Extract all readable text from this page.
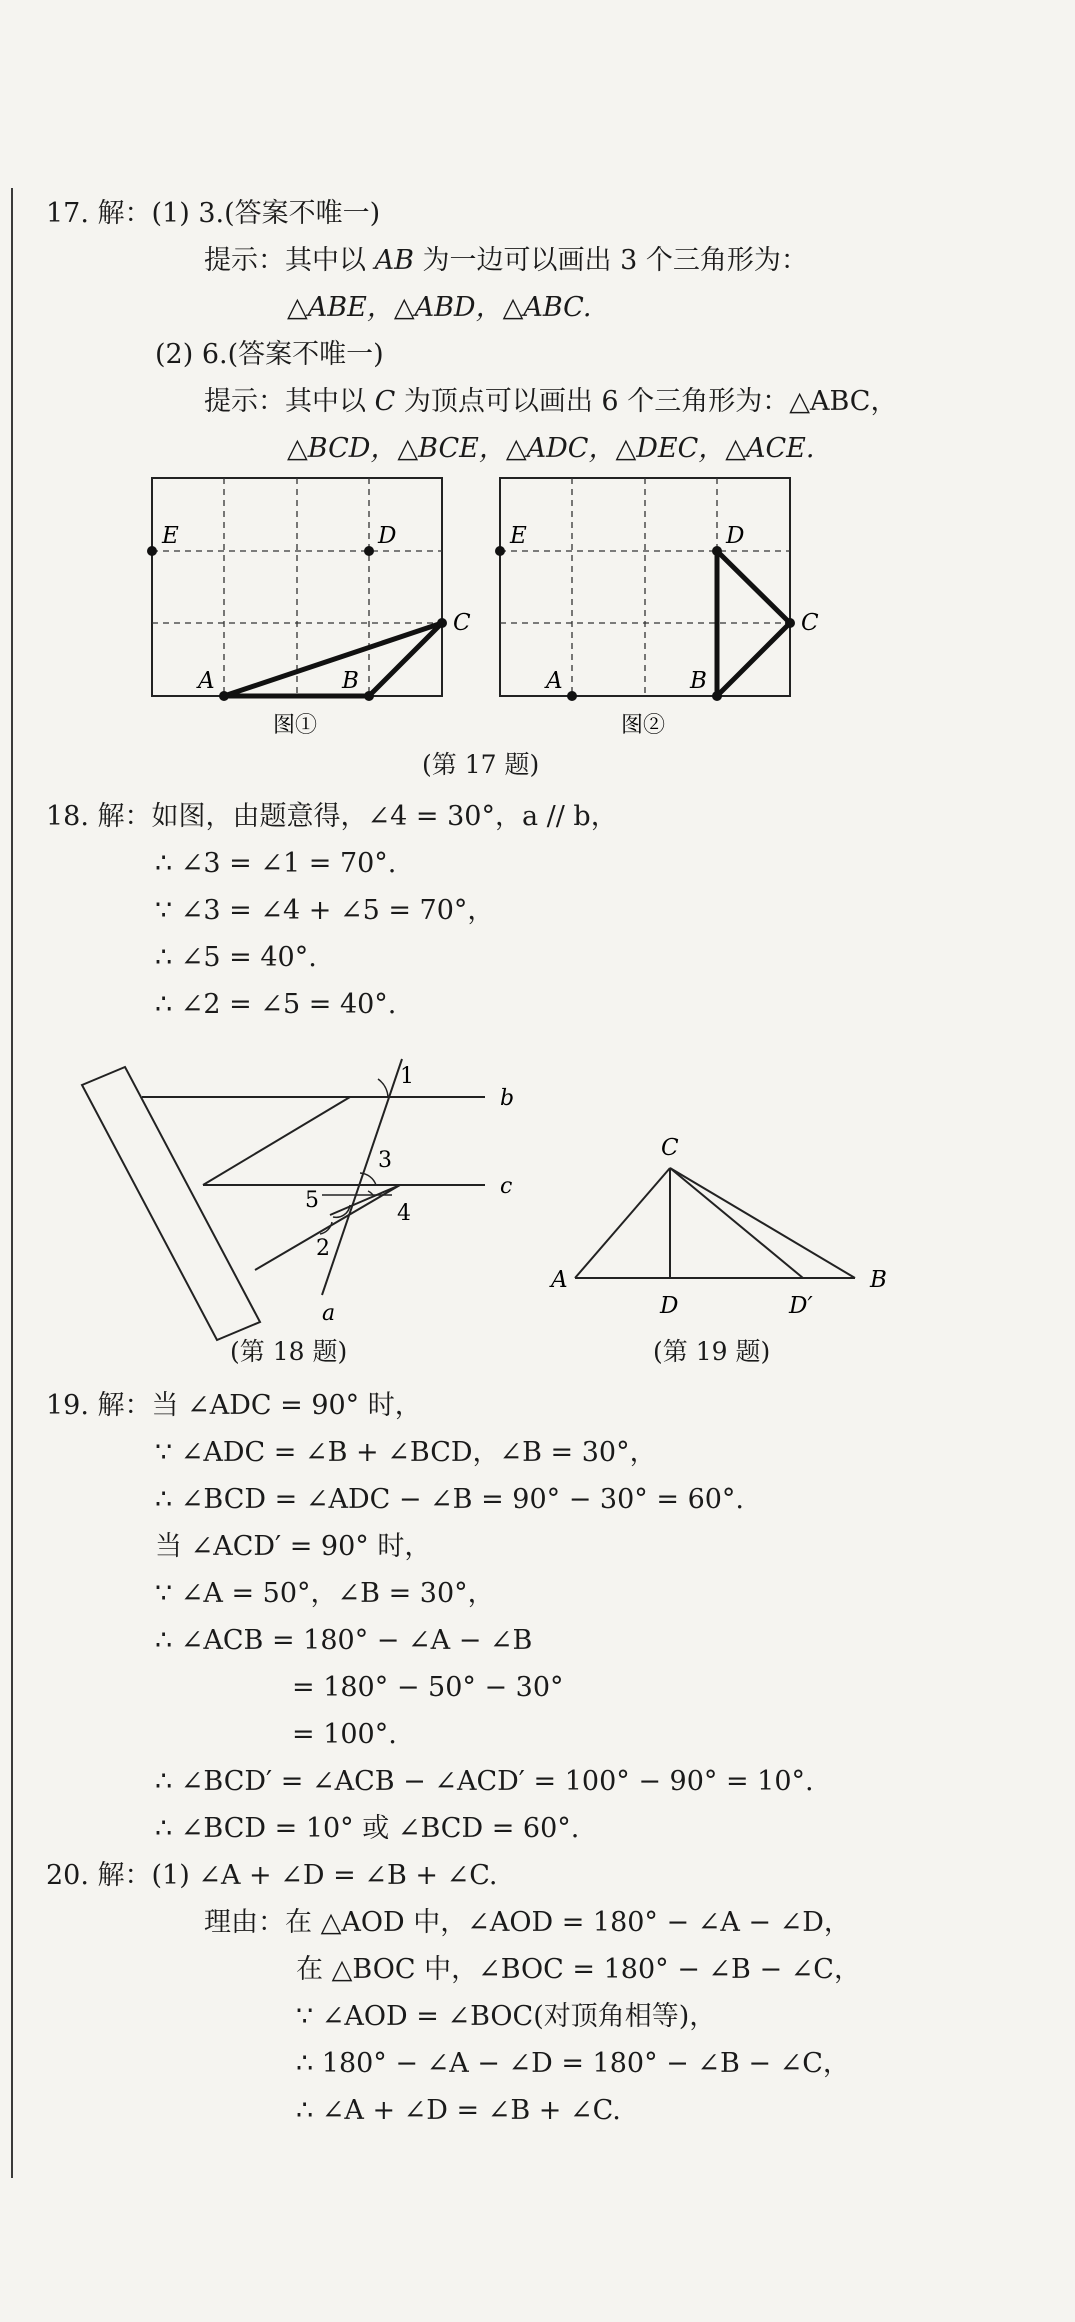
17. 解：(1) 3.(答案不唯一)
提示：其中以 AB 为一边可以画出 3 个三角形为：
△ABE，△ABD，△ABC.
(2) 6.(答案不唯一)
提示：其中以 C 为顶点可以画出 6 个三角形为：△ABC，
△BCD，△BCE，△ADC，△DEC，△ACE.
E	D
C
A	B
图①
E	D
C
A	B
图②
(第 17 题)
18. 解：如图，由题意得，∠4 = 30°，a // b，
∴ ∠3 = ∠1 = 70°.
∵ ∠3 = ∠4 + ∠5 = 70°，
∴ ∠5 = 40°.
∴ ∠2 = ∠5 = 40°.
1
2
3
4
5
b
c
a
(第 18 题)
C
A	B
D	D′
(第 19 题)
19. 解：当 ∠ADC = 90° 时，
∵ ∠ADC = ∠B + ∠BCD，∠B = 30°，
∴ ∠BCD = ∠ADC − ∠B = 90° − 30° = 60°.
当 ∠ACD′ = 90° 时，
∵ ∠A = 50°，∠B = 30°，
∴ ∠ACB = 180° − ∠A − ∠B
= 180° − 50° − 30°
= 100°.
∴ ∠BCD′ = ∠ACB − ∠ACD′ = 100° − 90° = 10°.
∴ ∠BCD = 10° 或 ∠BCD = 60°.
20. 解：(1) ∠A + ∠D = ∠B + ∠C.
理由：在 △AOD 中，∠AOD = 180° − ∠A − ∠D，
在 △BOC 中，∠BOC = 180° − ∠B − ∠C，
∵ ∠AOD = ∠BOC(对顶角相等)，
∴ 180° − ∠A − ∠D = 180° − ∠B − ∠C，
∴ ∠A + ∠D = ∠B + ∠C.
